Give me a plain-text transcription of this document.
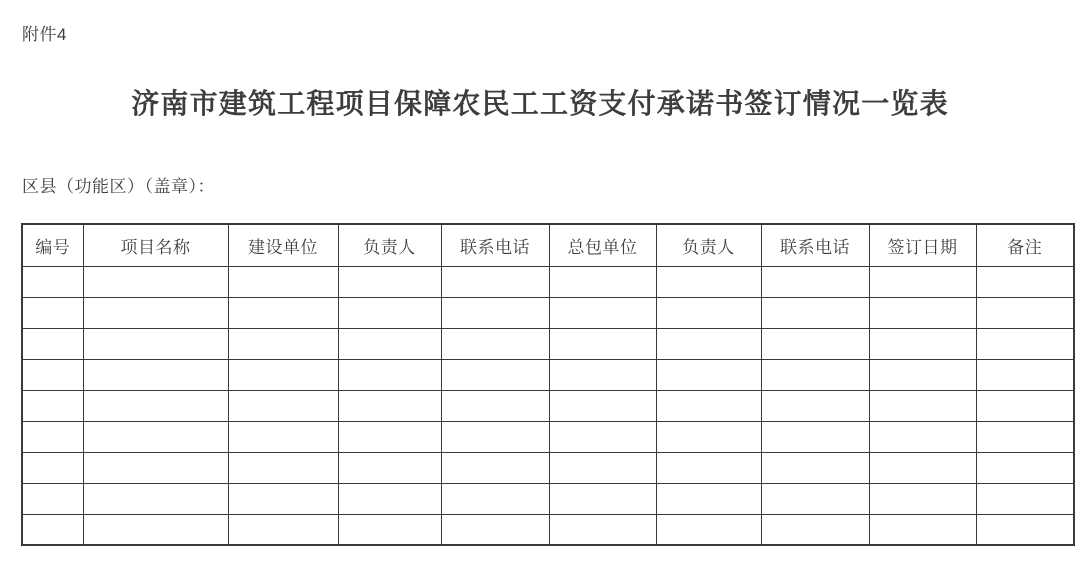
附件4
济南市建筑工程项目保障农民工工资支付承诺书签订情况一览表
区县（功能区）（盖章）：
编号	项目名称	建设单位	负责人	联系电话	总包单位	负责人	联系电话	签订日期	备注
